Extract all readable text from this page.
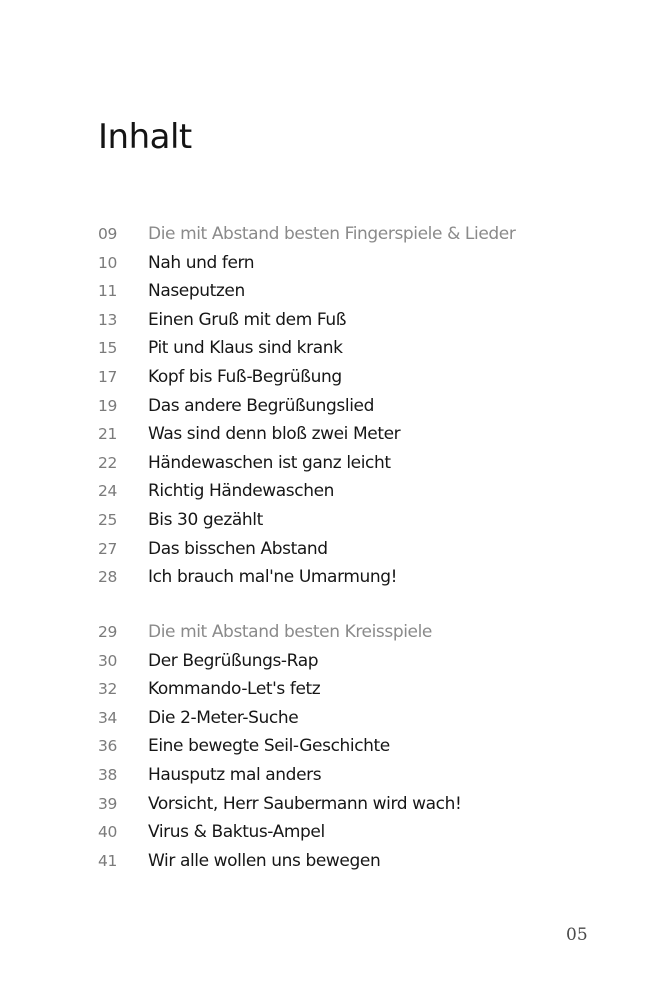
Inhalt
09	Die mit Abstand besten Fingerspiele & Lieder
10	Nah und fern
11	Naseputzen
13	Einen Gruß mit dem Fuß
15	Pit und Klaus sind krank
17	Kopf bis Fuß-Begrüßung
19	Das andere Begrüßungslied
21	Was sind denn bloß zwei Meter
22	Händewaschen ist ganz leicht
24	Richtig Händewaschen
25	Bis 30 gezählt
27	Das bisschen Abstand
28	Ich brauch mal'ne Umarmung!
29	Die mit Abstand besten Kreisspiele
30	Der Begrüßungs-Rap
32	Kommando-Let's fetz
34	Die 2-Meter-Suche
36	Eine bewegte Seil-Geschichte
38	Hausputz mal anders
39	Vorsicht, Herr Saubermann wird wach!
40	Virus & Baktus-Ampel
41	Wir alle wollen uns bewegen
05
